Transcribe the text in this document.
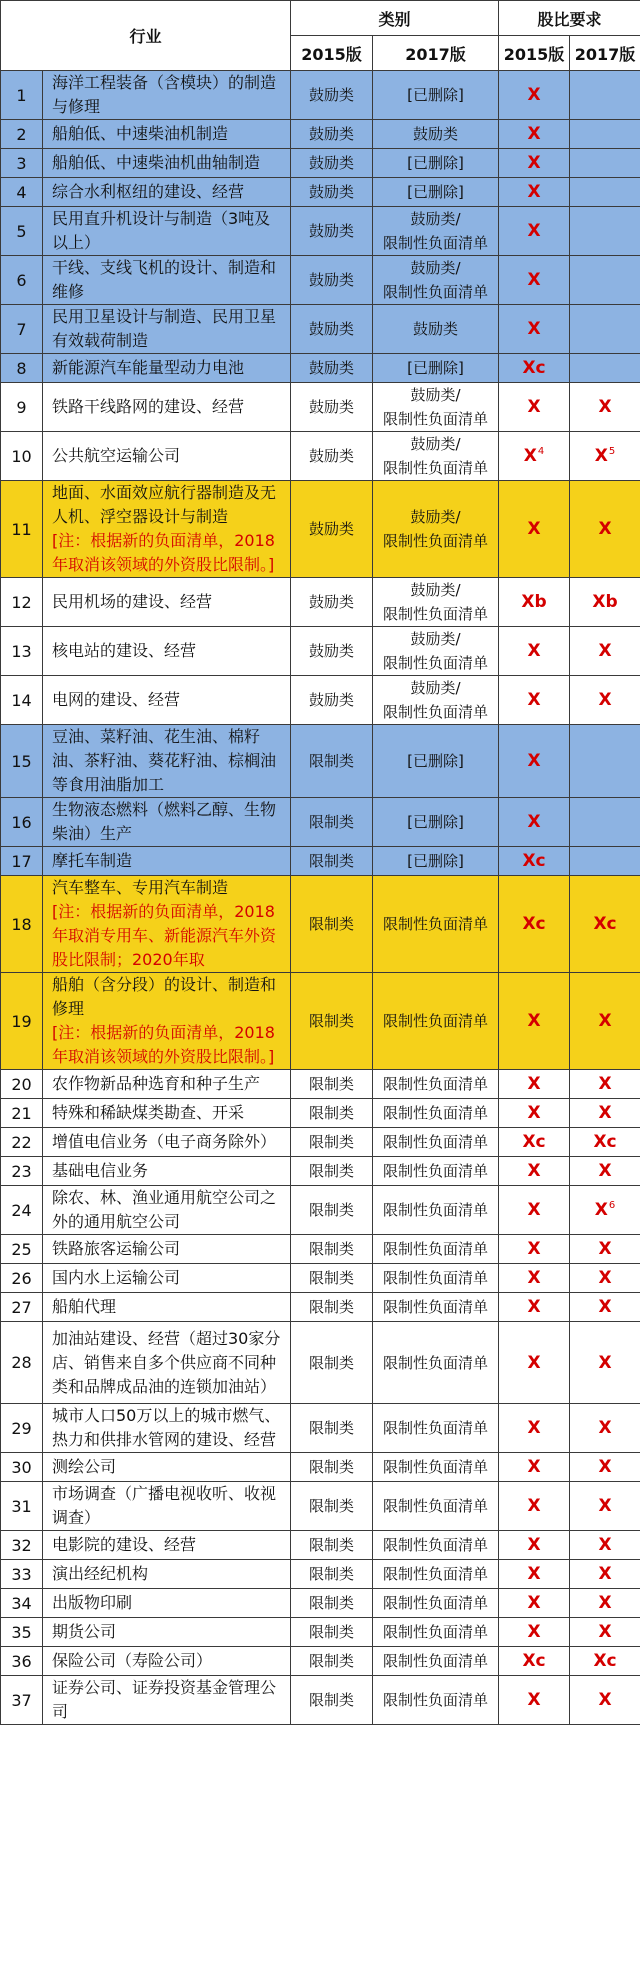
行业		类别		股比要求	
		2015版	2017版	2015版	2017版
1	海洋工程装备（含模块）的制造与修理	鼓励类	[已删除]	X	
2	船舶低、中速柴油机制造	鼓励类	鼓励类	X	
3	船舶低、中速柴油机曲轴制造	鼓励类	[已删除]	X	
4	综合水利枢纽的建设、经营	鼓励类	[已删除]	X	
5	民用直升机设计与制造（3吨及以上）	鼓励类	鼓励类/
限制性负面清单	X	
6	干线、支线飞机的设计、制造和维修	鼓励类	鼓励类/
限制性负面清单	X	
7	民用卫星设计与制造、民用卫星有效载荷制造	鼓励类	鼓励类	X	
8	新能源汽车能量型动力电池	鼓励类	[已删除]	Xc	
9	铁路干线路网的建设、经营	鼓励类	鼓励类/
限制性负面清单	X	X
10	公共航空运输公司	鼓励类	鼓励类/
限制性负面清单	$X^4$	$X^5$
11	地面、水面效应航行器制造及无人机、浮空器设计与制造
[注：根据新的负面清单，2018年取消该领域的外资股比限制。]	鼓励类	鼓励类/
限制性负面清单	X	X
12	民用机场的建设、经营	鼓励类	鼓励类/
限制性负面清单	Xb	Xb
13	核电站的建设、经营	鼓励类	鼓励类/
限制性负面清单	X	X
14	电网的建设、经营	鼓励类	鼓励类/
限制性负面清单	X	X
15	豆油、菜籽油、花生油、棉籽油、茶籽油、葵花籽油、棕榈油等食用油脂加工	限制类	[已删除]	X	
16	生物液态燃料（燃料乙醇、生物柴油）生产	限制类	[已删除]	X	
17	摩托车制造	限制类	[已删除]	Xc	
18	汽车整车、专用汽车制造
[注：根据新的负面清单，2018年取消专用车、新能源汽车外资股比限制；2020年取	限制类	限制性负面清单	Xc	Xc
19	船舶（含分段）的设计、制造和修理
[注：根据新的负面清单，2018年取消该领域的外资股比限制。]	限制类	限制性负面清单	X	X
20	农作物新品种选育和种子生产	限制类	限制性负面清单	X	X
21	特殊和稀缺煤类勘查、开采	限制类	限制性负面清单	X	X
22	增值电信业务（电子商务除外）	限制类	限制性负面清单	Xc	Xc
23	基础电信业务	限制类	限制性负面清单	X	X
24	除农、林、渔业通用航空公司之外的通用航空公司	限制类	限制性负面清单	X	$X^6$
25	铁路旅客运输公司	限制类	限制性负面清单	X	X
26	国内水上运输公司	限制类	限制性负面清单	X	X
27	船舶代理	限制类	限制性负面清单	X	X
28	加油站建设、经营（超过30家分店、销售来自多个供应商不同种类和品牌成品油的连锁加油站）	限制类	限制性负面清单	X	X
29	城市人口50万以上的城市燃气、热力和供排水管网的建设、经营	限制类	限制性负面清单	X	X
30	测绘公司	限制类	限制性负面清单	X	X
31	市场调查（广播电视收听、收视调查）	限制类	限制性负面清单	X	X
32	电影院的建设、经营	限制类	限制性负面清单	X	X
33	演出经纪机构	限制类	限制性负面清单	X	X
34	出版物印刷	限制类	限制性负面清单	X	X
35	期货公司	限制类	限制性负面清单	X	X
36	保险公司（寿险公司）	限制类	限制性负面清单	Xc	Xc
37	证券公司、证券投资基金管理公司	限制类	限制性负面清单	X	X
